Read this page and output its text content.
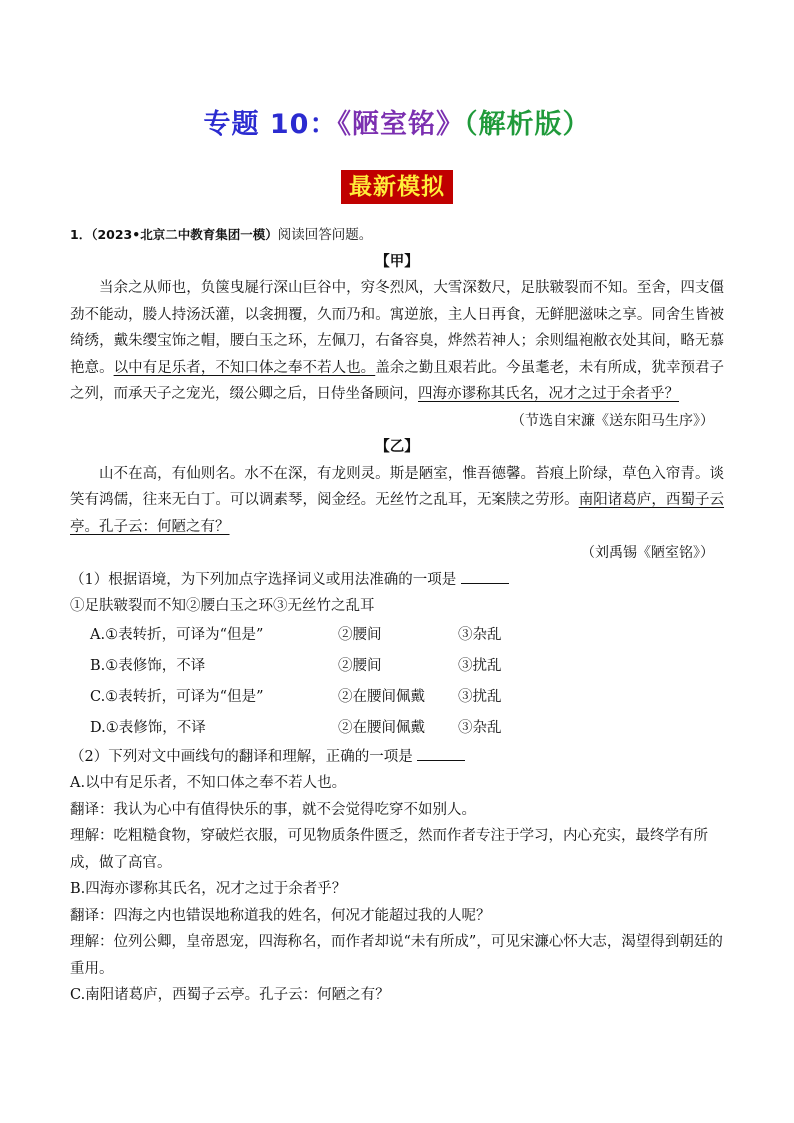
专题 10：《陋室铭》（解析版）
最新模拟

1．（2023•北京二中教育集团一模）阅读回答问题。

【甲】

当余之从师也，负箧曳屣行深山巨谷中，穷冬烈风，大雪深数尺，足肤皲裂而不知。至舍，四支僵劲不能动，媵人持汤沃灌，以衾拥覆，久而乃和。寓逆旅，主人日再食，无鲜肥滋味之享。同舍生皆被绮绣，戴朱缨宝饰之帽，腰白玉之环，左佩刀，右备容臭，烨然若神人；余则缊袍敝衣处其间，略无慕艳意。以中有足乐者，不知口体之奉不若人也。盖余之勤且艰若此。今虽耄老，未有所成，犹幸预君子之列，而承天子之宠光，缀公卿之后，日侍坐备顾问，四海亦谬称其氏名，况才之过于余者乎？

（节选自宋濂《送东阳马生序》）

【乙】

山不在高，有仙则名。水不在深，有龙则灵。斯是陋室，惟吾德馨。苔痕上阶绿，草色入帘青。谈笑有鸿儒，往来无白丁。可以调素琴，阅金经。无丝竹之乱耳，无案牍之劳形。南阳诸葛庐，西蜀子云亭。孔子云：何陋之有？

（刘禹锡《陋室铭》）

（1）根据语境，为下列加点字选择词义或用法准确的一项是

①足肤皲裂而不知②腰白玉之环③无丝竹之乱耳

A.①表转折，可译为“但是”	②腰间	③杂乱
B.①表修饰，不译	②腰间	③扰乱
C.①表转折，可译为“但是”	②在腰间佩戴	③扰乱
D.①表修饰，不译	②在腰间佩戴	③杂乱

（2）下列对文中画线句的翻译和理解，正确的一项是

A.以中有足乐者，不知口体之奉不若人也。

翻译：我认为心中有值得快乐的事，就不会觉得吃穿不如别人。

理解：吃粗糙食物，穿破烂衣服，可见物质条件匮乏，然而作者专注于学习，内心充实，最终学有所成，做了高官。

B.四海亦谬称其氏名，况才之过于余者乎？

翻译：四海之内也错误地称道我的姓名，何况才能超过我的人呢？

理解：位列公卿，皇帝恩宠，四海称名，而作者却说“未有所成”，可见宋濂心怀大志，渴望得到朝廷的重用。

C.南阳诸葛庐，西蜀子云亭。孔子云：何陋之有？
